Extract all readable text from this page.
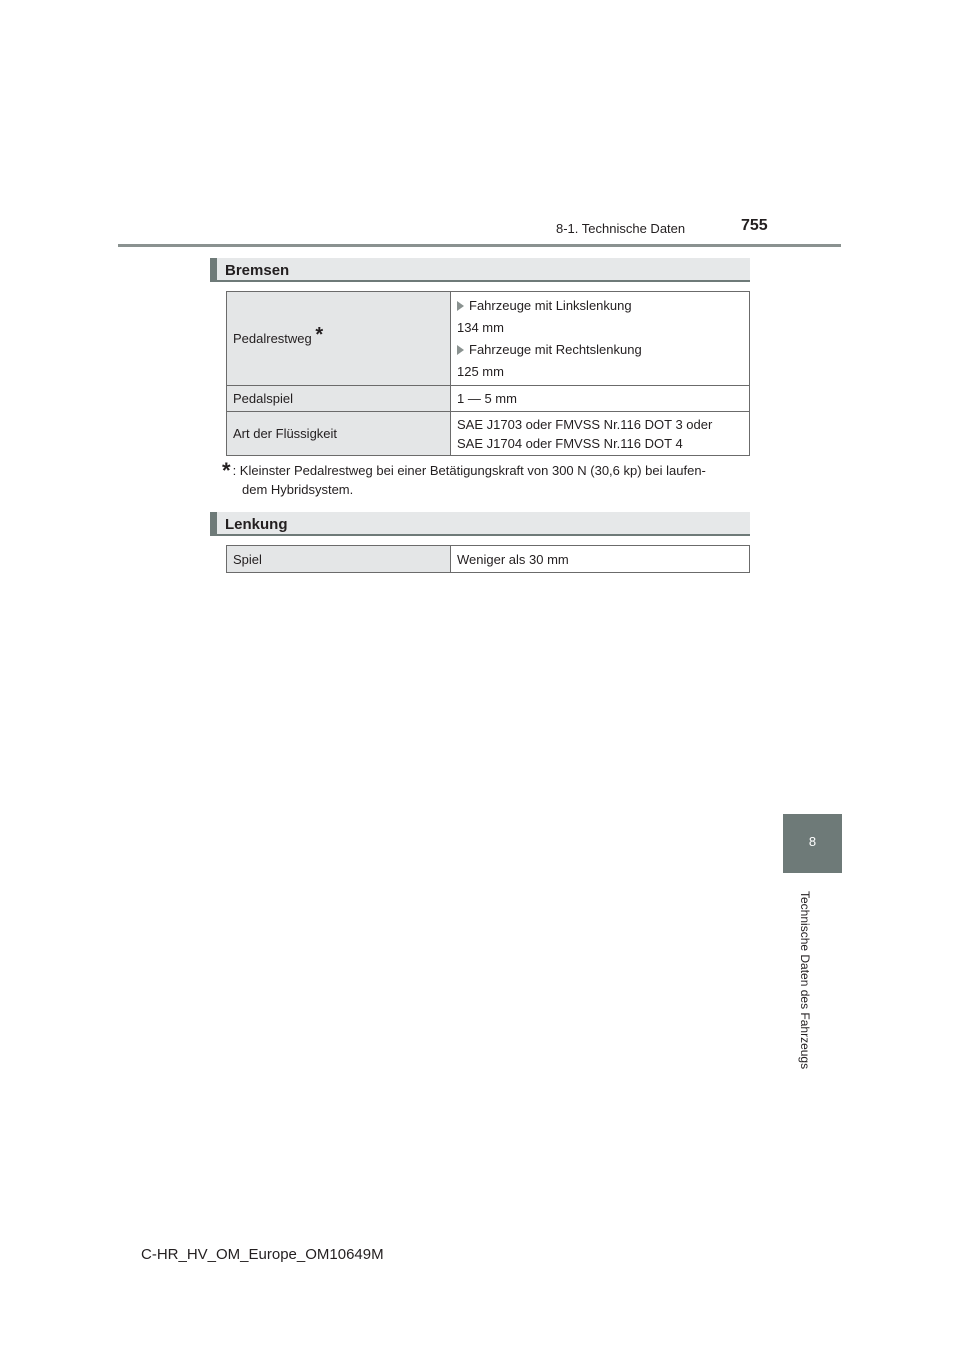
8-1. Technische Daten	755
8
Technische Daten des Fahrzeugs
Bremsen
Pedalrestweg *	Fahrzeuge mit Linkslenkung
134 mm
Fahrzeuge mit Rechtslenkung
125 mm

Pedalspiel	1 — 5 mm
Art der Flüssigkeit	SAE J1703 oder FMVSS Nr.116 DOT 3 oder
SAE J1704 oder FMVSS Nr.116 DOT 4
* : Kleinster Pedalrestweg bei einer Betätigungskraft von 300 N (30,6 kp) bei laufen-
dem Hybridsystem.
Lenkung
Spiel	Weniger als 30 mm
C-HR_HV_OM_Europe_OM10649M
